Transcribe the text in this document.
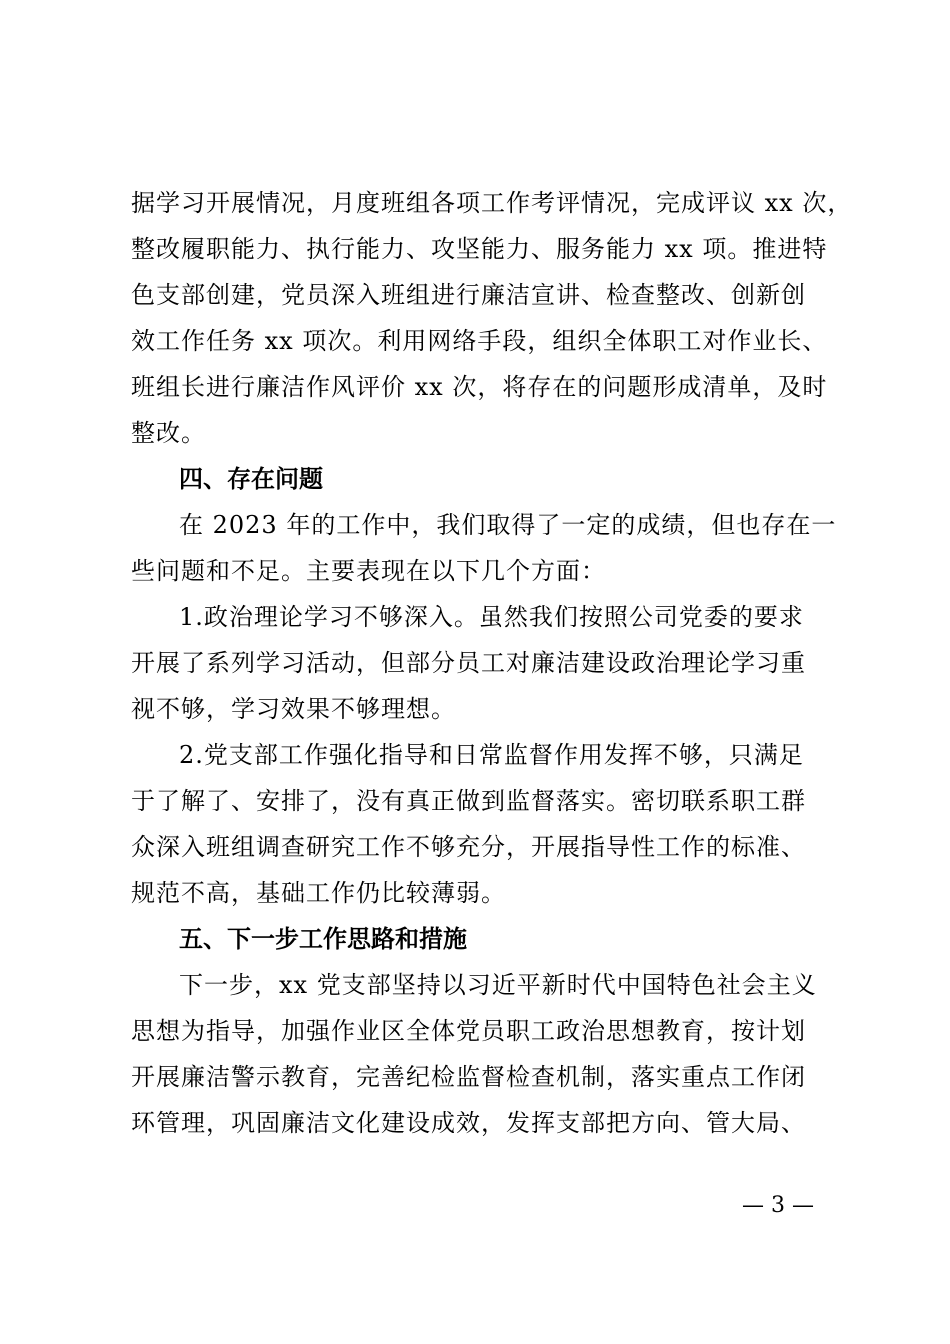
据学习开展情况，月度班组各项工作考评情况，完成评议 xx 次，
整改履职能力、执行能力、攻坚能力、服务能力 xx 项。推进特
色支部创建，党员深入班组进行廉洁宣讲、检查整改、创新创
效工作任务 xx 项次。利用网络手段，组织全体职工对作业长、
班组长进行廉洁作风评价 xx 次，将存在的问题形成清单，及时
整改。
四、存在问题
在 2023 年的工作中，我们取得了一定的成绩，但也存在一
些问题和不足。主要表现在以下几个方面：
1.政治理论学习不够深入。虽然我们按照公司党委的要求
开展了系列学习活动，但部分员工对廉洁建设政治理论学习重
视不够，学习效果不够理想。
2.党支部工作强化指导和日常监督作用发挥不够，只满足
于了解了、安排了，没有真正做到监督落实。密切联系职工群
众深入班组调查研究工作不够充分，开展指导性工作的标准、
规范不高，基础工作仍比较薄弱。
五、下一步工作思路和措施
下一步，xx 党支部坚持以习近平新时代中国特色社会主义
思想为指导，加强作业区全体党员职工政治思想教育，按计划
开展廉洁警示教育，完善纪检监督检查机制，落实重点工作闭
环管理，巩固廉洁文化建设成效，发挥支部把方向、管大局、
— 3 —
